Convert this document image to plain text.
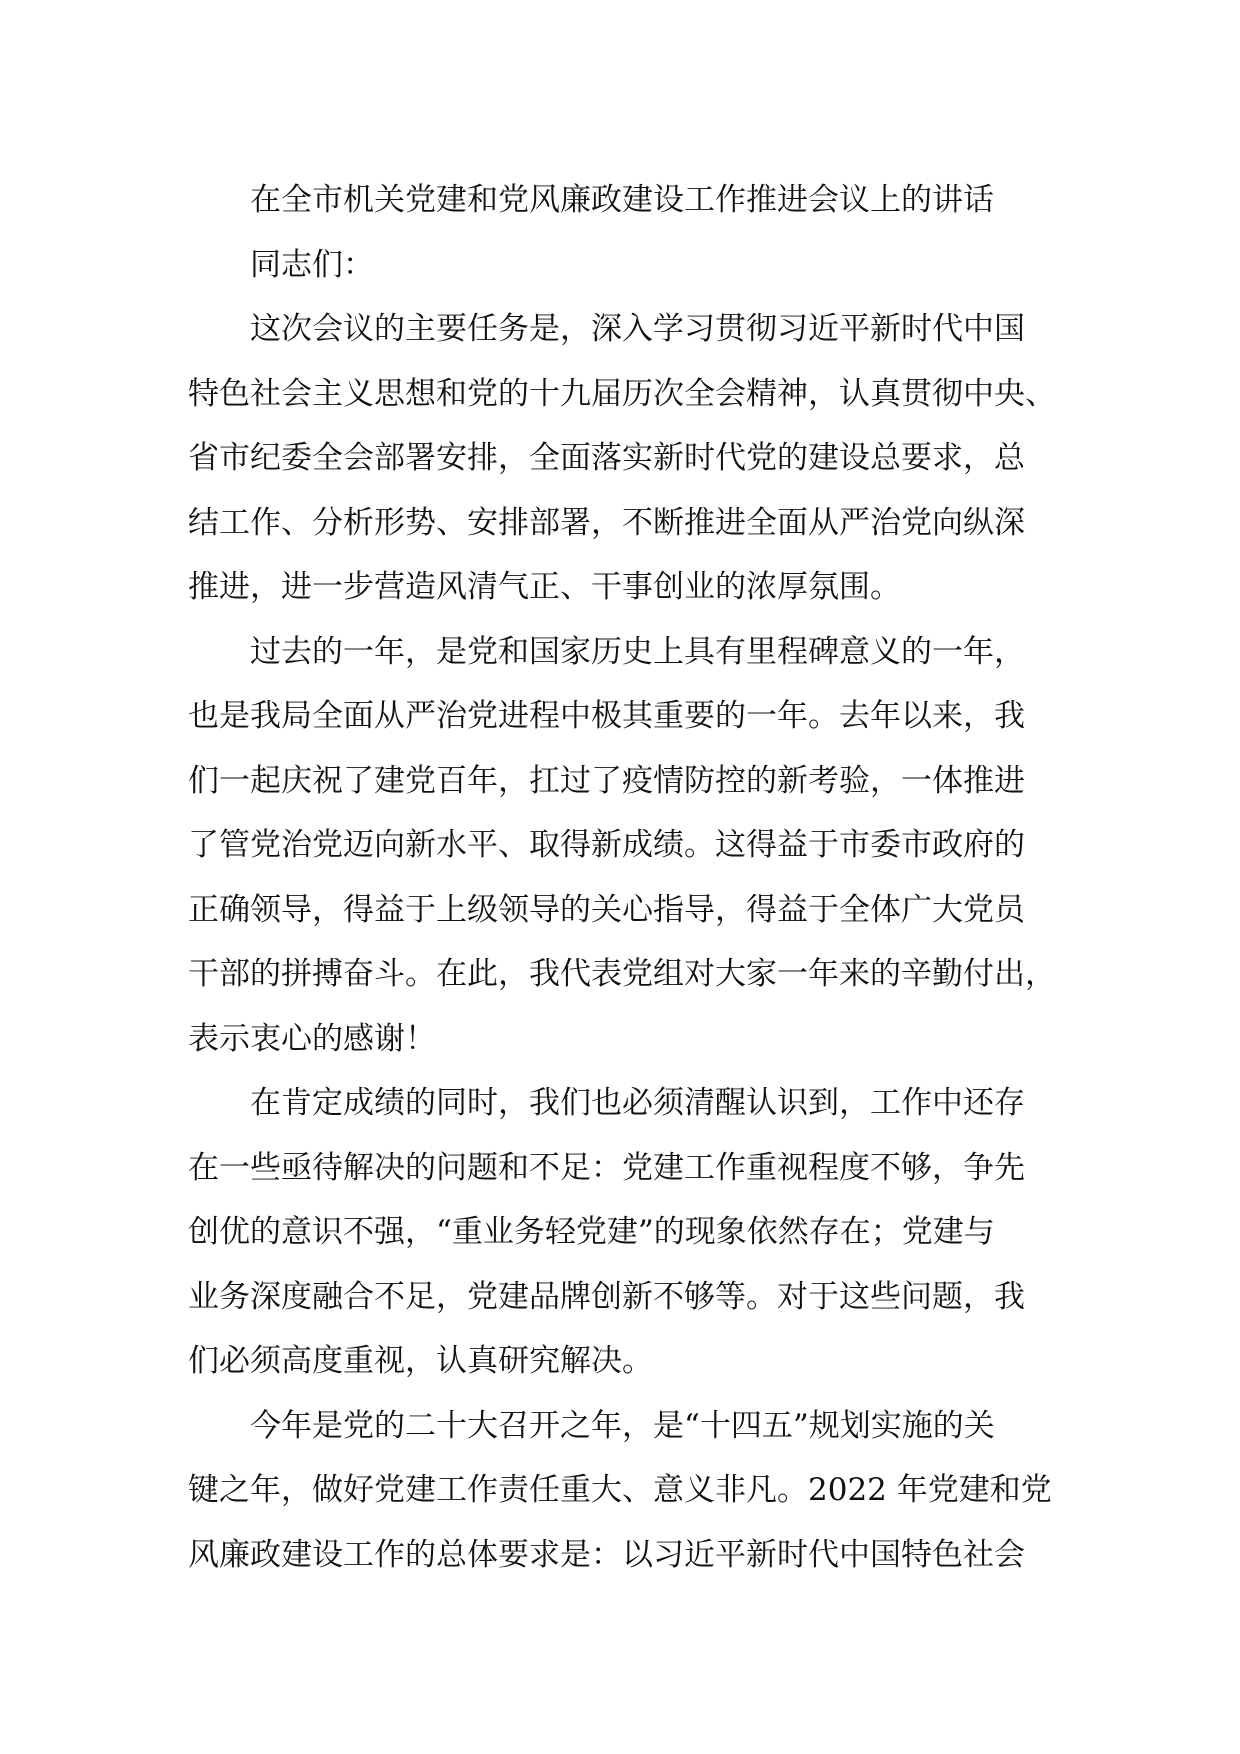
在全市机关党建和党风廉政建设工作推进会议上的讲话
同志们：
这次会议的主要任务是，深入学习贯彻习近平新时代中国
特色社会主义思想和党的十九届历次全会精神，认真贯彻中央、
省市纪委全会部署安排，全面落实新时代党的建设总要求，总
结工作、分析形势、安排部署，不断推进全面从严治党向纵深
推进，进一步营造风清气正、干事创业的浓厚氛围。
过去的一年，是党和国家历史上具有里程碑意义的一年，
也是我局全面从严治党进程中极其重要的一年。去年以来，我
们一起庆祝了建党百年，扛过了疫情防控的新考验，一体推进
了管党治党迈向新水平、取得新成绩。这得益于市委市政府的
正确领导，得益于上级领导的关心指导，得益于全体广大党员
干部的拼搏奋斗。在此，我代表党组对大家一年来的辛勤付出，
表示衷心的感谢！
在肯定成绩的同时，我们也必须清醒认识到，工作中还存
在一些亟待解决的问题和不足：党建工作重视程度不够，争先
创优的意识不强，“重业务轻党建”的现象依然存在；党建与
业务深度融合不足，党建品牌创新不够等。对于这些问题，我
们必须高度重视，认真研究解决。
今年是党的二十大召开之年，是“十四五”规划实施的关
键之年，做好党建工作责任重大、意义非凡。2022 年党建和党
风廉政建设工作的总体要求是：以习近平新时代中国特色社会
